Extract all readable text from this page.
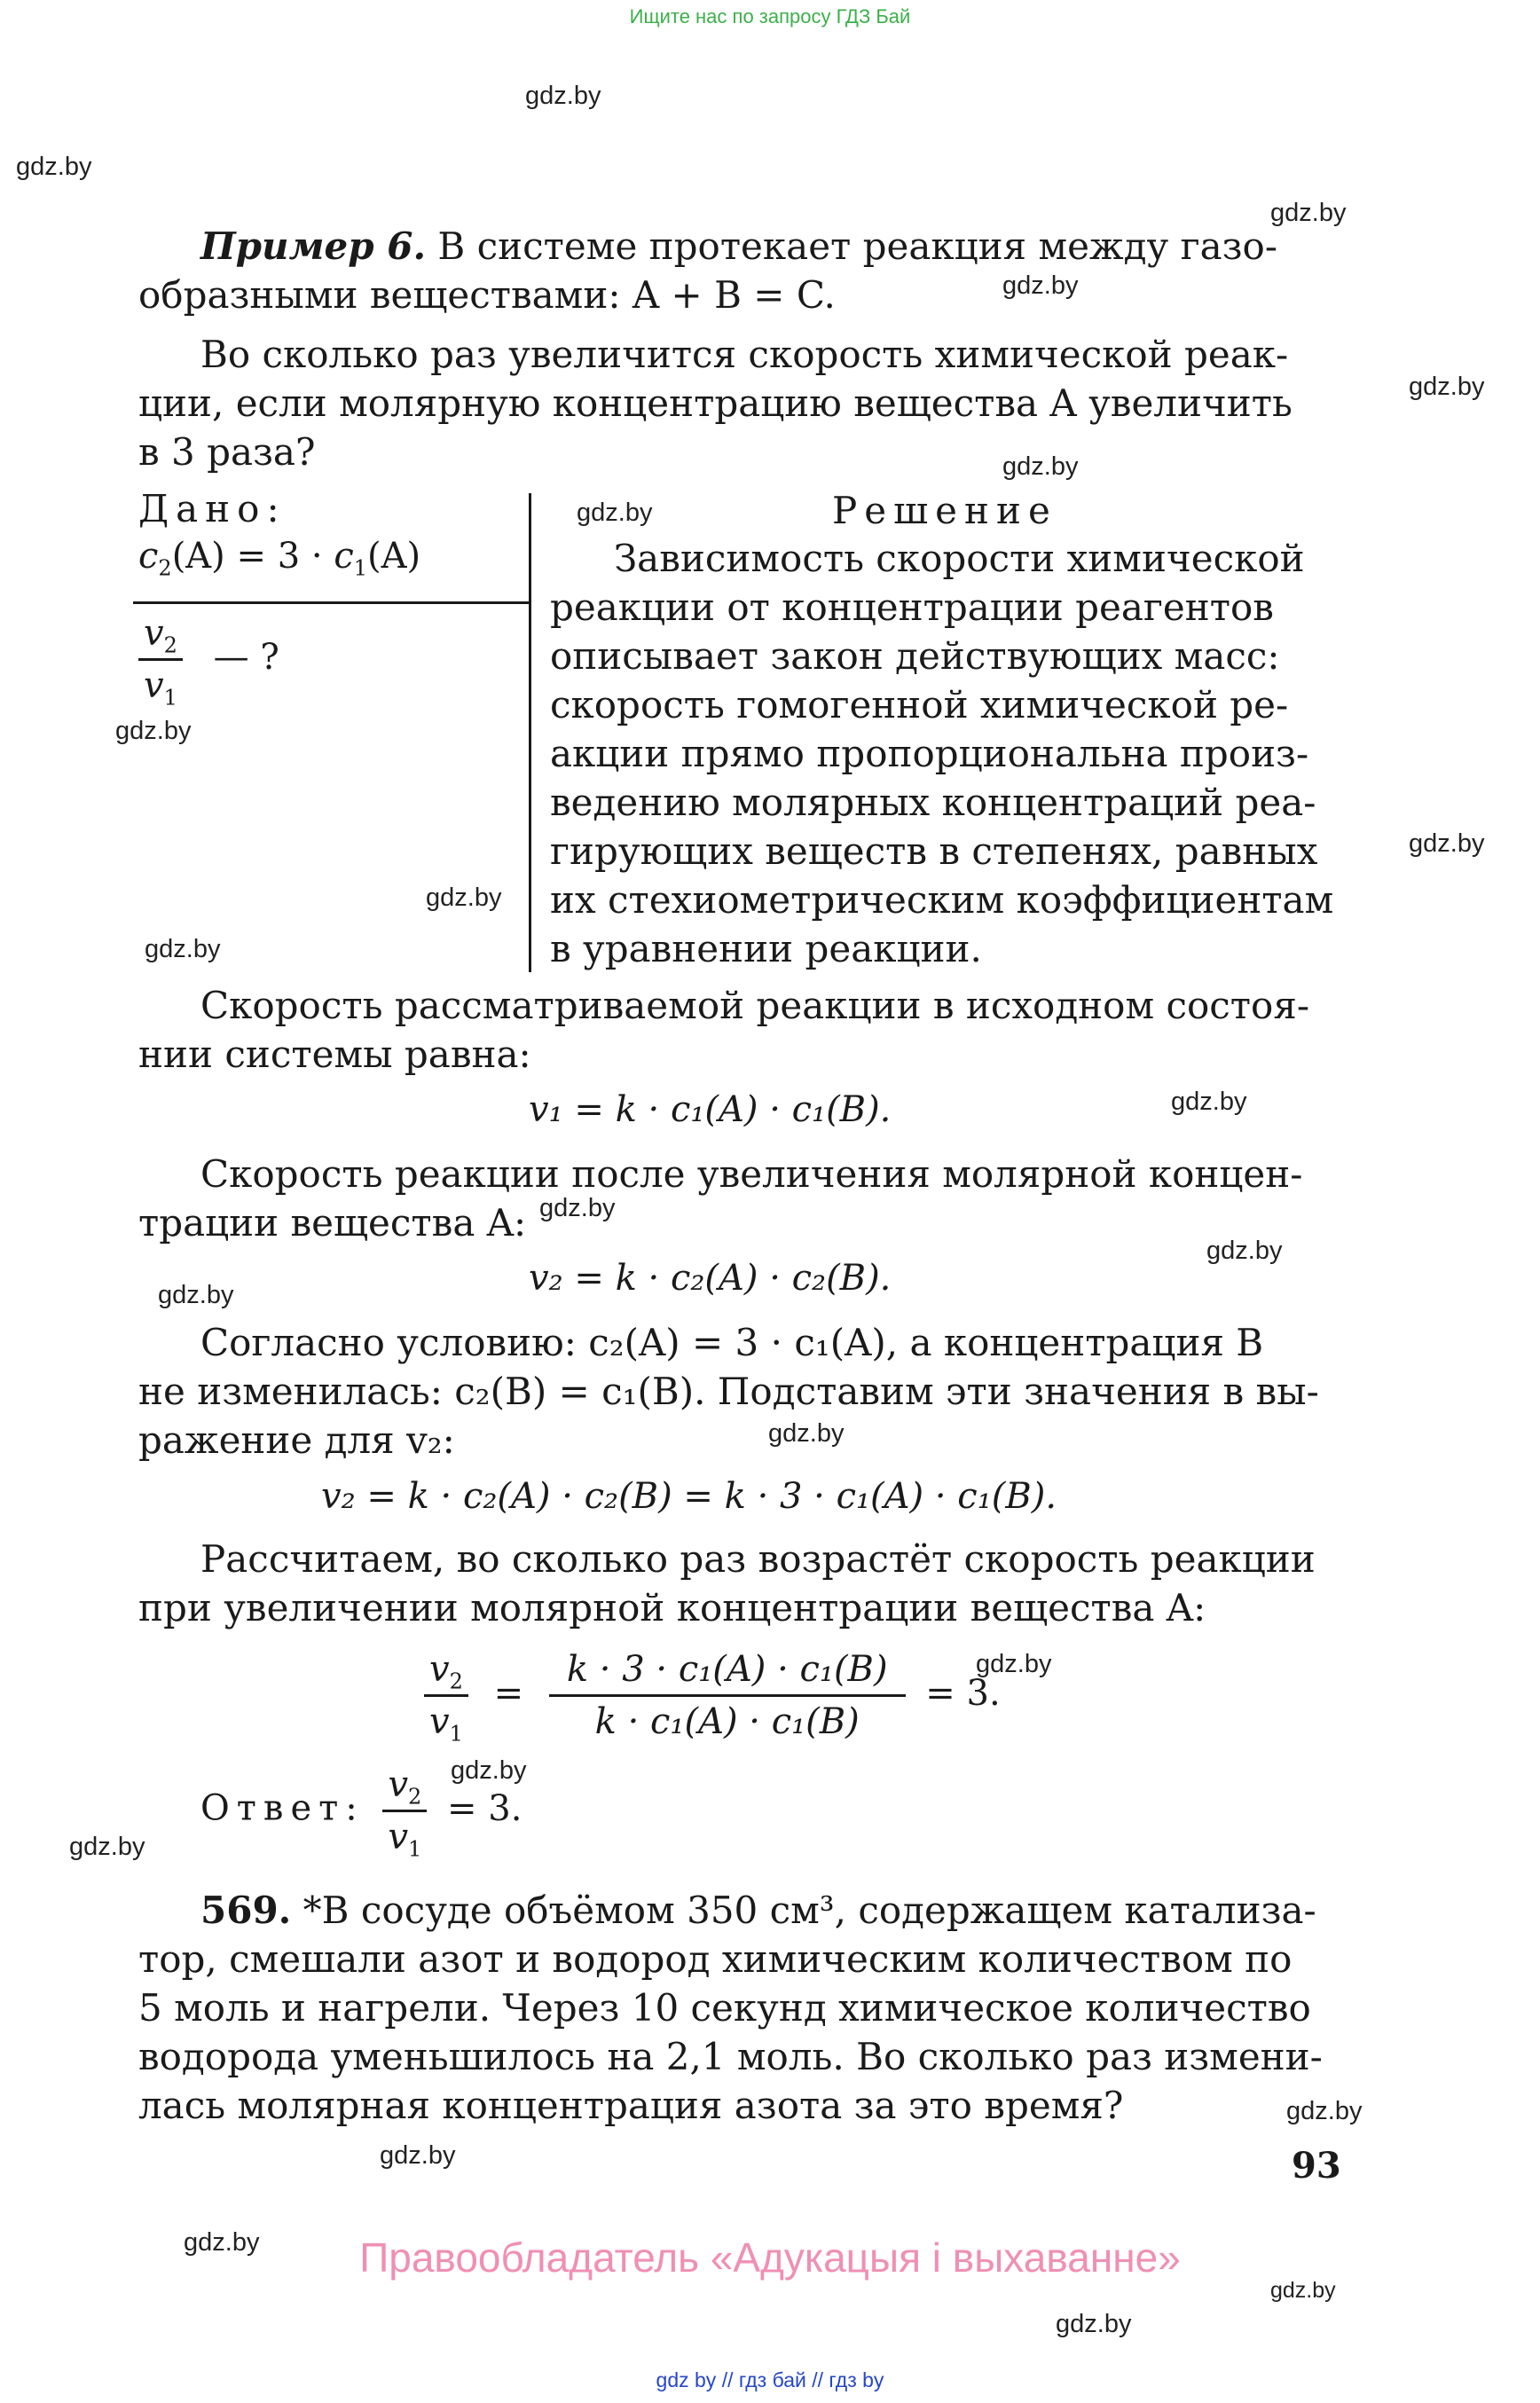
Ищите нас по запросу ГДЗ Бай
gdz.by
gdz.by
gdz.by
gdz.by
gdz.by
gdz.by
gdz.by
gdz.by
gdz.by
gdz.by
gdz.by
gdz.by
gdz.by
gdz.by
gdz.by
gdz.by
gdz.by
gdz.by
gdz.by
gdz.by
gdz.by
gdz.by
gdz.by
gdz.by
Пример 6. В системе протекает реакция между газо-
образными веществами: A + B = C.
Во сколько раз увеличится скорость химической реак-
ции, если молярную концентрацию вещества A увеличить
в 3 раза?
Дано:
$c_2(A) = 3 \cdot c_1(A)$
$\frac{v_2}{v_1}$ — ?
Решение
Зависимость скорости химической
реакции от концентрации реагентов
описывает закон действующих масс:
скорость гомогенной химической ре-
акции прямо пропорциональна произ-
ведению молярных концентраций реа-
гирующих веществ в степенях, равных
их стехиометрическим коэффициентам
в уравнении реакции.
Скорость рассматриваемой реакции в исходном состоя-
нии системы равна:
v₁ = k · c₁(A) · c₁(B).
Скорость реакции после увеличения молярной концен-
трации вещества A:
v₂ = k · c₂(A) · c₂(B).
Согласно условию: c₂(A) = 3 · c₁(A), а концентрация B
не изменилась: c₂(B) = c₁(B). Подставим эти значения в вы-
ражение для v₂:
v₂ = k · c₂(A) · c₂(B) = k · 3 · c₁(A) · c₁(B).
Рассчитаем, во сколько раз возрастёт скорость реакции
при увеличении молярной концентрации вещества A:
$\frac{v_2}{v_1} = \frac{\text{k · 3 · c₁(A) · c₁(B)}}{\text{k · c₁(A) · c₁(B)}} = 3$.
Ответ: $\frac{v_2}{v_1} = 3$.
569. *В сосуде объёмом 350 см³, содержащем катализа-
тор, смешали азот и водород химическим количеством по
5 моль и нагрели. Через 10 секунд химическое количество
водорода уменьшилось на 2,1 моль. Во сколько раз измени-
лась молярная концентрация азота за это время?
93
Правообладатель «Адукацыя і выхаванне»
gdz by // гдз бай // гдз by
